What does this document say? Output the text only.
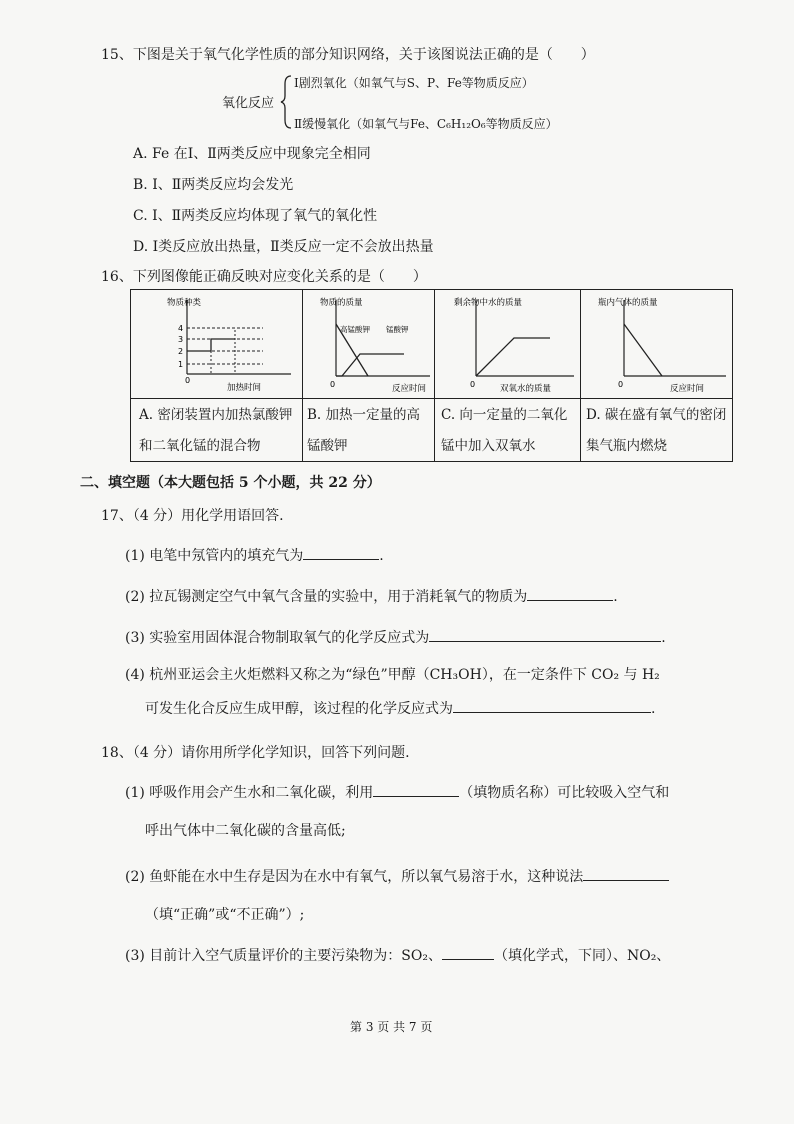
15、下图是关于氧气化学性质的部分知识网络，关于该图说法正确的是（　　）
氧化反应
Ⅰ剧烈氧化（如氧气与S、P、Fe等物质反应）
Ⅱ缓慢氧化（如氧气与Fe、C₆H₁₂O₆等物质反应）
A. Fe 在Ⅰ、Ⅱ两类反应中现象完全相同
B. Ⅰ、Ⅱ两类反应均会发光
C. Ⅰ、Ⅱ两类反应均体现了氧气的氧化性
D. Ⅰ类反应放出热量，Ⅱ类反应一定不会放出热量
16、下列图像能正确反映对应变化关系的是（　　）
物质种类
加热时间
0
4
3
2
1
物质的质量
反应时间
0
高锰酸钾 锰酸钾
剩余物中水的质量
双氧水的质量
0
瓶内气体的质量
反应时间
0
A. 密闭装置内加热氯酸钾和二氧化锰的混合物
B. 加热一定量的高锰酸钾
C. 向一定量的二氧化锰中加入双氧水
D. 碳在盛有氧气的密闭集气瓶内燃烧
二、填空题（本大题包括 5 个小题，共 22 分）
17、（4 分）用化学用语回答.
(1) 电笔中氖管内的填充气为	.
(2) 拉瓦锡测定空气中氧气含量的实验中，用于消耗氧气的物质为	.
(3) 实验室用固体混合物制取氧气的化学反应式为	.
(4) 杭州亚运会主火炬燃料又称之为“绿色”甲醇（CH₃OH），在一定条件下 CO₂ 与 H₂
可发生化合反应生成甲醇，该过程的化学反应式为	.
18、（4 分）请你用所学化学知识，回答下列问题.
(1) 呼吸作用会产生水和二氧化碳，利用	（填物质名称）可比较吸入空气和
呼出气体中二氧化碳的含量高低;
(2) 鱼虾能在水中生存是因为在水中有氧气，所以氧气易溶于水，这种说法
（填“正确”或“不正确”）;
(3) 目前计入空气质量评价的主要污染物为：SO₂、	（填化学式，下同）、NO₂、
第 3 页 共 7 页
